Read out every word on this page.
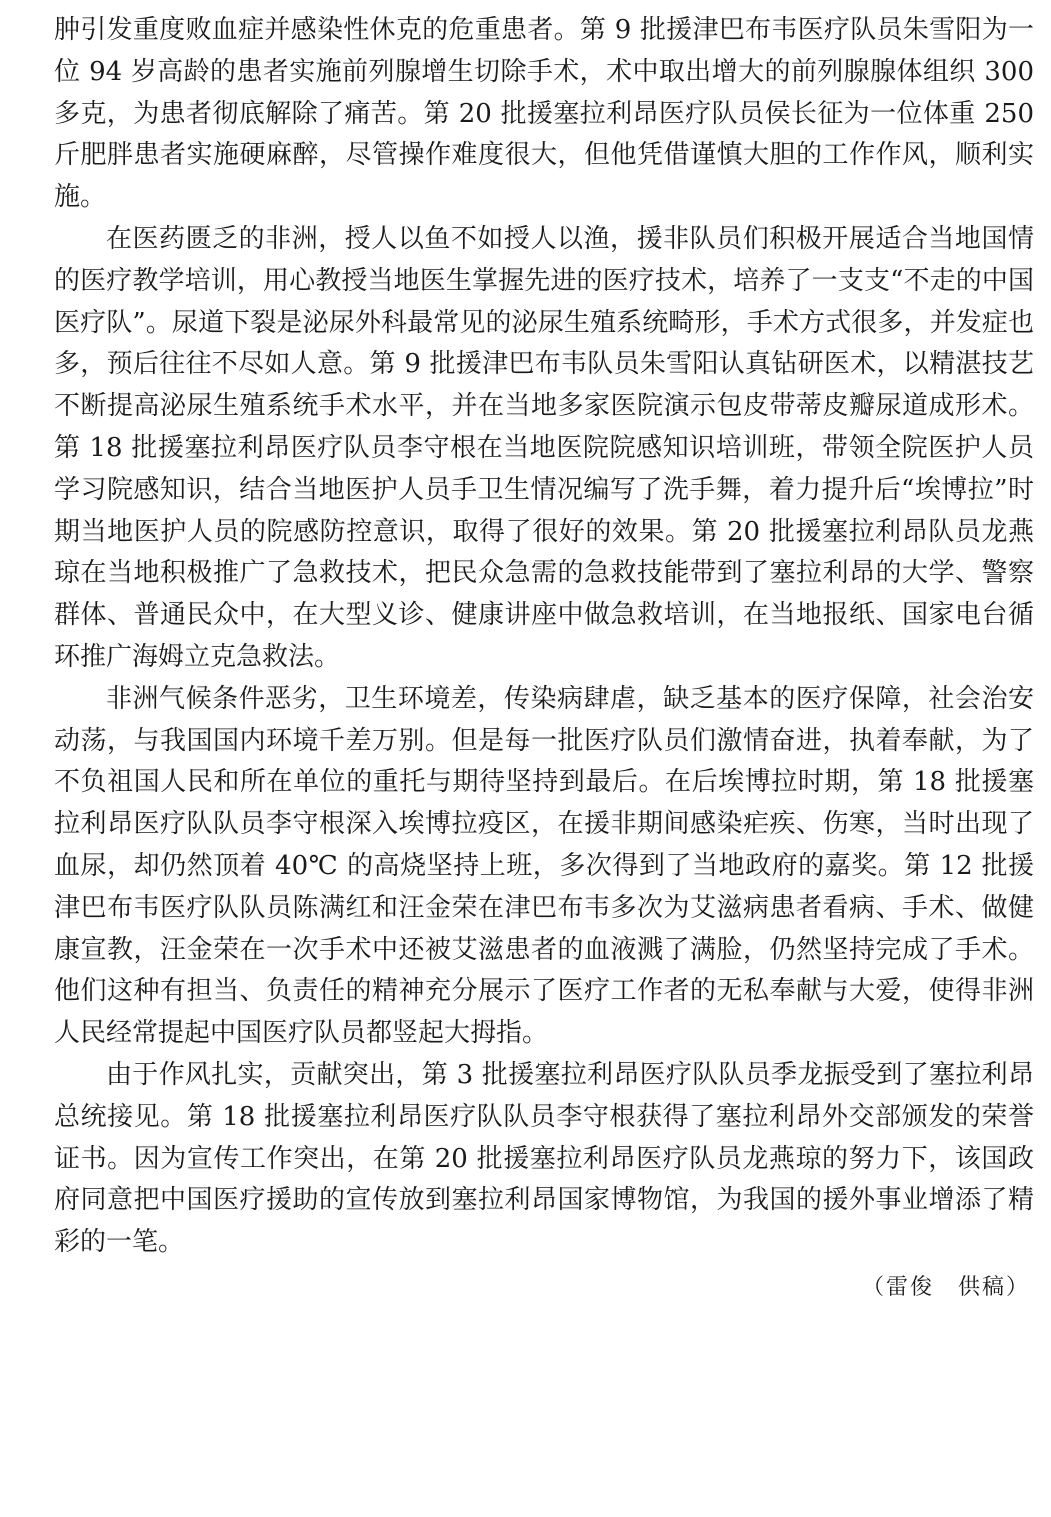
肿引发重度败血症并感染性休克的危重患者。第 9 批援津巴布韦医疗队员朱雪阳为一位 94 岁高龄的患者实施前列腺增生切除手术，术中取出增大的前列腺腺体组织 300 多克，为患者彻底解除了痛苦。第 20 批援塞拉利昂医疗队员侯长征为一位体重 250 斤肥胖患者实施硬麻醉，尽管操作难度很大，但他凭借谨慎大胆的工作作风，顺利实施。

在医药匮乏的非洲，授人以鱼不如授人以渔，援非队员们积极开展适合当地国情的医疗教学培训，用心教授当地医生掌握先进的医疗技术，培养了一支支“不走的中国医疗队”。尿道下裂是泌尿外科最常见的泌尿生殖系统畸形，手术方式很多，并发症也多，预后往往不尽如人意。第 9 批援津巴布韦队员朱雪阳认真钻研医术，以精湛技艺不断提高泌尿生殖系统手术水平，并在当地多家医院演示包皮带蒂皮瓣尿道成形术。第 18 批援塞拉利昂医疗队员李守根在当地医院院感知识培训班，带领全院医护人员学习院感知识，结合当地医护人员手卫生情况编写了洗手舞，着力提升后“埃博拉”时期当地医护人员的院感防控意识，取得了很好的效果。第 20 批援塞拉利昂队员龙燕琼在当地积极推广了急救技术，把民众急需的急救技能带到了塞拉利昂的大学、警察群体、普通民众中，在大型义诊、健康讲座中做急救培训，在当地报纸、国家电台循环推广海姆立克急救法。

非洲气候条件恶劣，卫生环境差，传染病肆虐，缺乏基本的医疗保障，社会治安动荡，与我国国内环境千差万别。但是每一批医疗队员们激情奋进，执着奉献，为了不负祖国人民和所在单位的重托与期待坚持到最后。在后埃博拉时期，第 18 批援塞拉利昂医疗队队员李守根深入埃博拉疫区，在援非期间感染疟疾、伤寒，当时出现了血尿，却仍然顶着 40℃ 的高烧坚持上班，多次得到了当地政府的嘉奖。第 12 批援津巴布韦医疗队队员陈满红和汪金荣在津巴布韦多次为艾滋病患者看病、手术、做健康宣教，汪金荣在一次手术中还被艾滋患者的血液溅了满脸，仍然坚持完成了手术。他们这种有担当、负责任的精神充分展示了医疗工作者的无私奉献与大爱，使得非洲人民经常提起中国医疗队员都竖起大拇指。

由于作风扎实，贡献突出，第 3 批援塞拉利昂医疗队队员季龙振受到了塞拉利昂总统接见。第 18 批援塞拉利昂医疗队队员李守根获得了塞拉利昂外交部颁发的荣誉证书。因为宣传工作突出，在第 20 批援塞拉利昂医疗队员龙燕琼的努力下，该国政府同意把中国医疗援助的宣传放到塞拉利昂国家博物馆，为我国的援外事业增添了精彩的一笔。

（雷俊　供稿）
